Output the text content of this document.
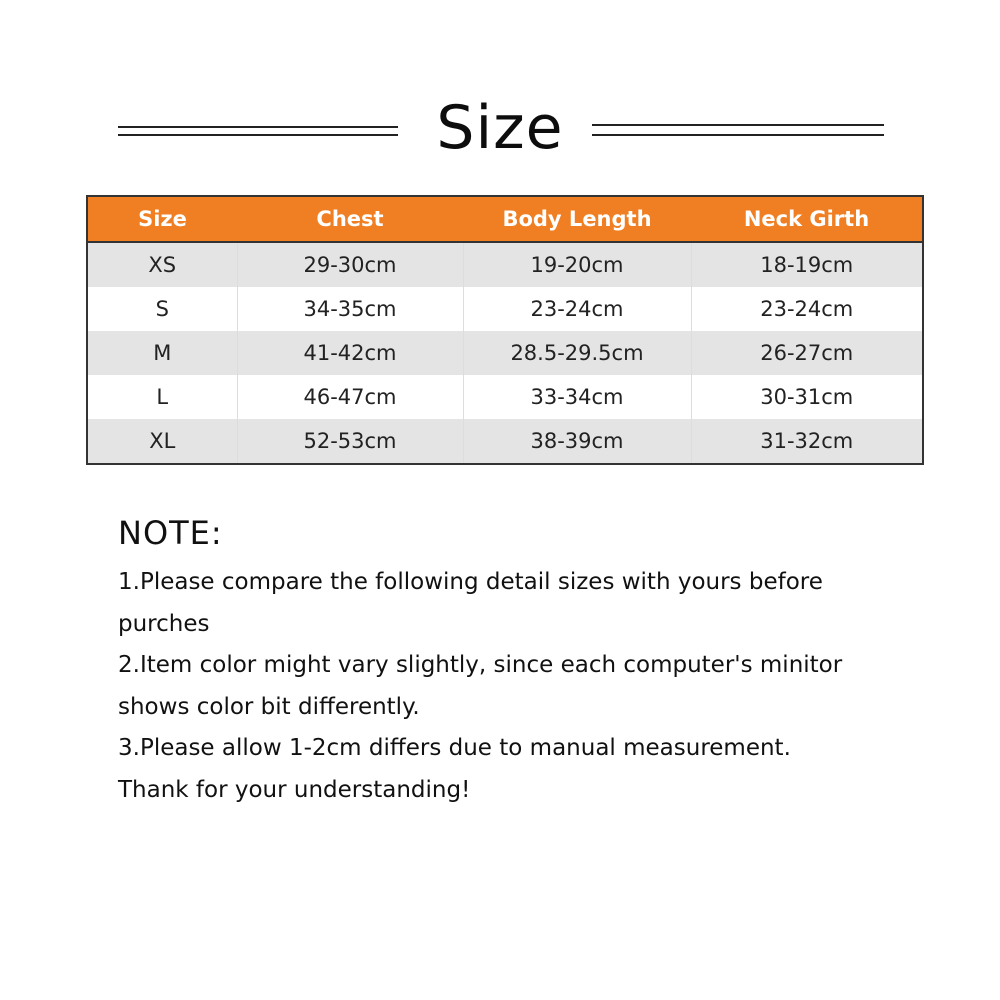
Size
Size	Chest	Body Length	Neck Girth
XS	29-30cm	19-20cm	18-19cm
S	34-35cm	23-24cm	23-24cm
M	41-42cm	28.5-29.5cm	26-27cm
L	46-47cm	33-34cm	30-31cm
XL	52-53cm	38-39cm	31-32cm
NOTE:

1.Please compare the following detail sizes with yours before

purches

2.Item color might vary slightly, since each computer's minitor

shows color bit differently.

3.Please allow 1-2cm differs due to manual measurement.

Thank for your understanding!
